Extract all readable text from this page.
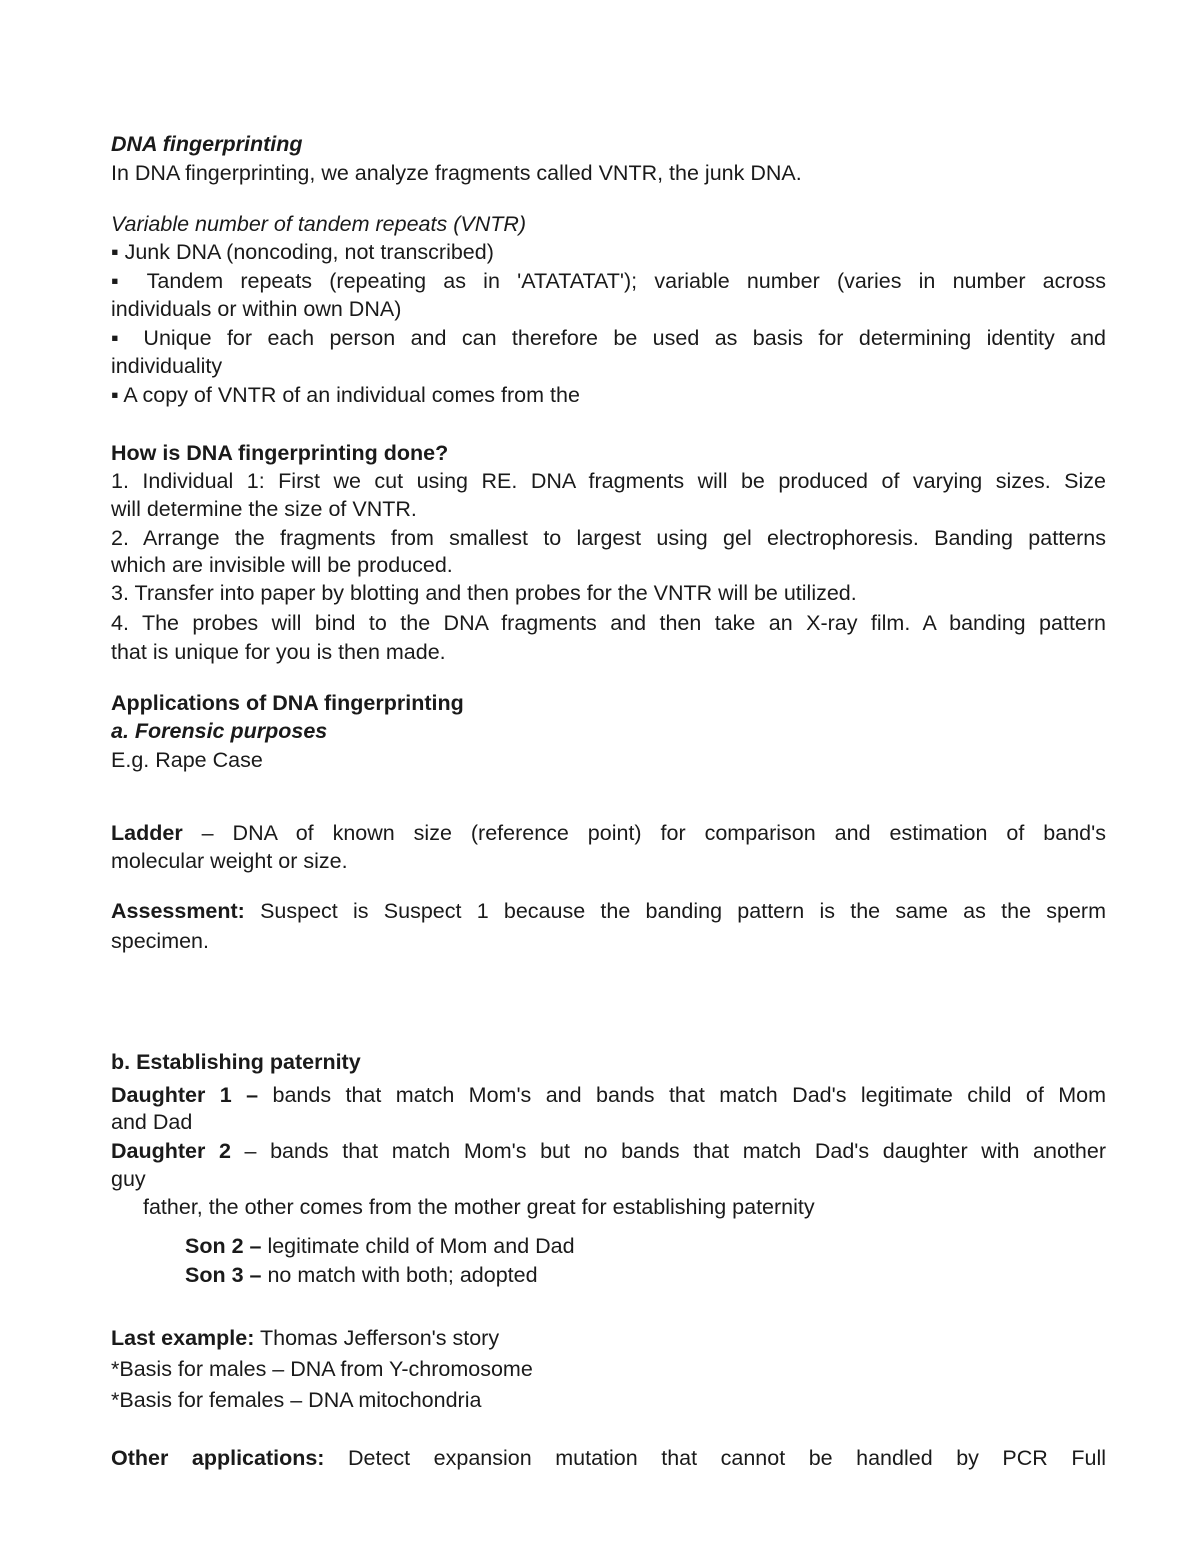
DNA fingerprinting
In DNA fingerprinting, we analyze fragments called VNTR, the junk DNA.
Variable number of tandem repeats (VNTR)
▪ Junk DNA (noncoding, not transcribed)
▪ Tandem repeats (repeating as in 'ATATATAT'); variable number (varies in number across
individuals or within own DNA)
▪ Unique for each person and can therefore be used as basis for determining identity and
individuality
▪ A copy of VNTR of an individual comes from the
How is DNA fingerprinting done?
1. Individual 1: First we cut using RE. DNA fragments will be produced of varying sizes. Size
will determine the size of VNTR.
2. Arrange the fragments from smallest to largest using gel electrophoresis. Banding patterns
which are invisible will be produced.
3. Transfer into paper by blotting and then probes for the VNTR will be utilized.
4. The probes will bind to the DNA fragments and then take an X-ray film. A banding pattern
that is unique for you is then made.
Applications of DNA fingerprinting
a. Forensic purposes
E.g. Rape Case
Ladder – DNA of known size (reference point) for comparison and estimation of band's
molecular weight or size.
Assessment: Suspect is Suspect 1 because the banding pattern is the same as the sperm
specimen.
b. Establishing paternity
Daughter 1 – bands that match Mom's and bands that match Dad's legitimate child of Mom
and Dad
Daughter 2 – bands that match Mom's but no bands that match Dad's daughter with another
guy
father, the other comes from the mother great for establishing paternity
Son 2 – legitimate child of Mom and Dad
Son 3 – no match with both; adopted
Last example: Thomas Jefferson's story
*Basis for males – DNA from Y-chromosome
*Basis for females – DNA mitochondria
Other applications: Detect expansion mutation that cannot be handled by PCR Full
